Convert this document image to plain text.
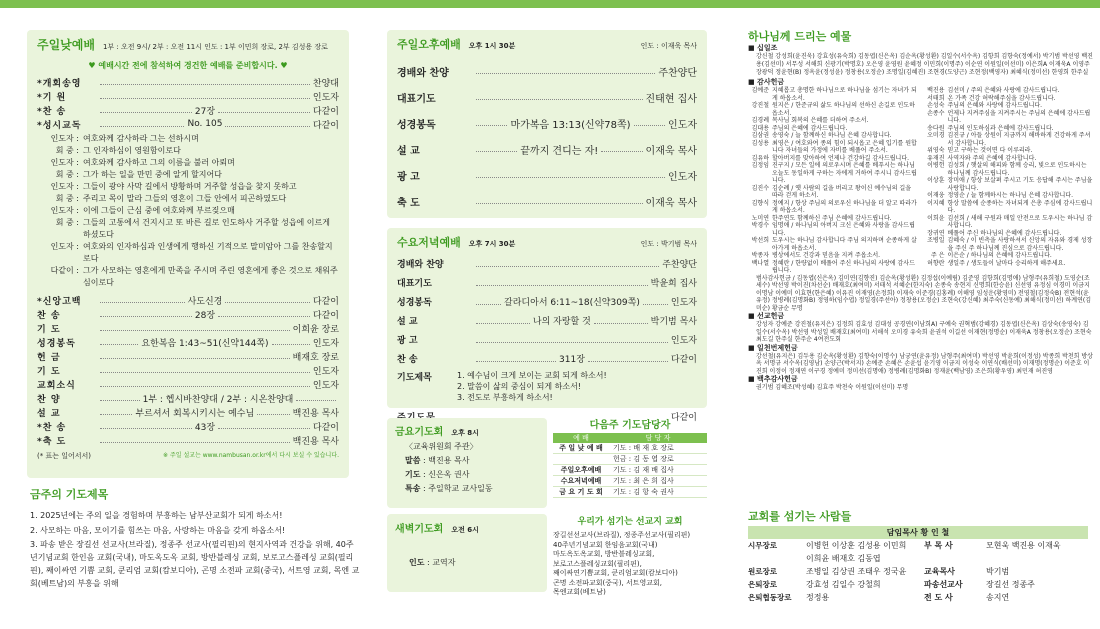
주일낮예배 1부 : 오전 9시/ 2부 : 오전 11시 인도 : 1부 이민희 장로, 2부 김성용 장로
♥ 예배시간 전에 참석하여 경건한 예배를 준비합시다. ♥
*개회송영	찬양대
*기 원	인도자
*찬 송	27장	다같이
*성시교독	No. 105	다같이
인도자 : 여호와께 감사하라 그는 선하시며
회 중 : 그 인자하심이 영원함이로다
인도자 : 여호와께 감사하고 그의 이름을 불러 아뢰며
회 중 : 그가 하는 일을 만민 중에 알게 할지어다
인도자 : 그들이 광야 사막 길에서 방황하며 거주할 성읍을 찾지 못하고
회 중 : 주리고 목이 말라 그들의 영혼이 그들 안에서 피곤하였도다
인도자 : 이에 그들이 근심 중에 여호와께 부르짖으매
회 중 : 그들의 고통에서 건지시고 또 바른 길로 인도하사 거주할 성읍에 이르게 하셨도다
인도자 : 여호와의 인자하심과 인생에게 행하신 기적으로 말미암아 그를 찬송할지로다
다같이 : 그가 사모하는 영혼에게 만족을 주시며 주린 영혼에게 좋은 것으로 채워주심이로다
*신앙고백	사도신경	다같이
찬 송	28장	다같이
기 도	이희윤 장로
성경봉독	요한복음 1:43~51(신약144쪽)	인도자
헌 금	배재호 장로
기 도	인도자
교회소식	인도자
찬 양	1부 : 헵시바찬양대 / 2부 : 시온찬양대
설 교	부르셔서 회복시키시는 예수님	백진용 목사
*찬 송	43장	다같이
*축 도	백진용 목사
(* 표는 일어서서)	※ 주일 설교는 www.nambusan.or.kr에서 다시 보실 수 있습니다.
금주의 기도제목
1. 2025년에는 주의 일을 경험하며 부흥하는 남부산교회가 되게 하소서!
2. 사모하는 마음, 모이기를 힘쓰는 마음, 사랑하는 마음을 갖게 하옵소서!
3. 파송 받은 장길선 선교사(브라질), 정종주 선교사(필리핀)의 현지사역과 건강을 위해, 40주년기념교회 한인음 교회(국내), 마도옥도옥 교회, 방반블레싱 교회, 보로고스플레싱 교회(필리핀), 째이싸연 기쁨 교회, 쿤리엄 교회(캄보디아), 곤명 소전파 교회(중국), 서트영 교회, 목엔 교회(베트남)의 부흥을 위해
주일오후예배 오후 1시 30분	인도 : 이재욱 목사
경배와 찬양	주찬양단
대표기도	진태현 집사
성경봉독	마가복음 13:13(신약78쪽)	인도자
설 교	끝까지 견디는 자!	이재욱 목사
광 고	인도자
축 도	이재욱 목사
수요저녁예배 오후 7시 30분	인도 : 박기범 목사
경배와 찬양	주찬양단
대표기도	박윤희 집사
성경봉독	갈라디아서 6:11~18(신약309쪽)	인도자
설 교	나의 자랑할 것	박기범 목사
광 고	인도자
찬 송	311장	다같이
기도제목	1. 예수님이 크게 보이는 교회 되게 하소서!
2. 말씀이 삶의 중심이 되게 하소서!
3. 전도로 부흥하게 하소서!
다같이
금요기도회 오후 8시
〈교육위원회 주관〉
말씀 : 백진용 목사
기도 : 신은옥 권사
특송 : 주일학교 교사일동
새벽기도회 오전 6시
인도 : 교역자
다음주 기도담당자
예 배	담 당 자
주 일 낮 예 배	기도 : 배 재 호 장로
헌금 : 김 동 엽 장로
주일오후예배	기도 : 김 재 배 집사
수요저녁예배	기도 : 최 은 희 집사
금 요 기 도 회	기도 : 김 항 숙 권사
우리가 섬기는 선교지 교회
장길선선교사(브라질), 정종주선교사(필리핀)
40주년기념교회 한임음교회(국내)
마도옥도옥교회, 방반블레싱교회,
보로고스플레싱교회(필리핀),
째이싸연기쁨교회, 쿤리엄교회(캄보디아)
곤명 소전파교회(중국), 서트영교회,
목엔교회(베트남)
하나님께 드리는 예물
■ 십일조
강신철 강성희(윤진욱) 강효성(유숙희) 김동엽(신은옥) 김순옥(황성환) 김일수(서수옥) 김항희 김항숙(정예서) 박기범 박선영 백진용(김선미) 서무성 서해희 신광기(박명호) 오은영 윤영원 윤혜정 이민희(이명주) 이순연 이원일(이선미) 이은희A 이재욱A 이영주 장광덕 정윤현(B) 정옥윤(정성윤) 정창용(오정순) 조명일(김혜진) 조현경(도양근) 조현정(백영자) 최혜식(정미선) 한영희 한주실
■ 감사헌금
김예준 지혜롭고 총명한 하나님으로 하나님을 섬기는 자녀가 되게 하옵소서.
강진철 원지은 / 한준규의 삶도 하나님의 선하신 손길로 인도하옵소서.
김경례 목사님 회복의 은혜를 더하여 주소서.
김대용 주님의 은혜에 감사드립니다.
김삼권 송영숙 / 늘 함께하신 하나님 은혜 감사합니다.
김성용 최영은 / 여호와여 종의 힘이 되시옵고 은혜 입기를 원합니다 자녀들의 가정에 자비를 베풀어 주소서.
김유하 할아버지를 맞아하여 언제나 건강하길 감사드립니다.
김정임 진구지 / 모든 일에 의로우시며 은혜를 베푸시는 하나님 오늘도 동일하게 구하는 자에게 거하여 주시니 감사드립니다.
김진수 김순례 / 옛 사람의 길을 버리고 왕이신 예수님의 길을 따라 걷게 하소서.
김향식 정예지 / 항상 주님의 의로우신 하나님을 더 알고 따라가게 하옵소서.
노미연 한주연도 함께하신 주님 은혜에 감사드립니다.
박경수 임명애 / 하나님의 아버지 크신 은혜와 사랑을 감사드립니다.
박선희 도우시는 하나님 감사합니다 주님 의지하며 순종하게 살아가게 하옵소서.
박종자 병상에서도 건강과 믿음을 지켜 주옵소서.
백나열 정혜란 / 한량없이 베풀어 주신 하나님의 사랑에 감사드립니다.
백진용 김선미 / 주의 은혜와 사랑에 감사드립니다.
서태희 온 가족 건강 허락해주심을 감사드립니다.
손성숙 주님의 은혜와 사랑에 감사드립니다.
손종수 언제나 지켜주심을 지켜주시는 주님의 은혜에 감사드립니다.
송다원 주님의 인도하심과 은혜에 감사드립니다.
오미경 김진규 / 아들 상원이 지금까지 해바하게 건강하게 주셔서 감사합니다.
위영숙 믿고 구하는 것이면 다 이루리라.
유재진 사역자와 주의 은혜에 감사합니다.
이병헌 김성희 / 햇살의 해피와 함께 승리, 빛으로 인도하시는 하나님께 감사드립니다.
이상훈 장미애 / 항상 보살펴 주시고 기도 응답해 주시는 주님을 사랑합니다.
이재웅 정영순 / 늘 함께하시는 하나님 은혜 감사합니다.
이지혜 항상 말씀에 순종하는 자녀되게 은총 주심에 감사드립니다.
이희윤 김선희 / 새해 구원과 매일 안전으로 도우시는 하나님 감사합니다.
장귀연 베풀어 주신 하나님의 은혜에 감사드립니다.
조병일 김혜숙 / 이 빈측을 사랑하셔서 신앙의 자유와 경제 성장을 주신 주 하나님께 진심으로 감사드립니다.
주 은 이은순 / 하나님의 은혜에 감사드립니다.
허향란 생일주 / 생도들이 날마다 승리하게 해주세요.
범사감사헌금 / 김동엽(신은옥) 김미연(김향진) 김순옥(황성환) 김정섭(이예림) 김준영 김항희(김명애) 남형주(유희철) 도영순(조세수) 박선영 박이진(차선순) 배재호(최여미) 서태석 서혜순(한지숙) 손종숙 송현지 신명희(한승윤) 신선영 유정심 이경미 이금지 이명남 이예미 이효현(한은혜) 이유진 이재영(손정희) 이재숙 이준경(김홍례) 이해영 임성운(황영미) 전영철(김정숙B) 전현석(윤유정) 정병례(김명화B) 정영하(임수엽) 정일경(주선아) 정창용(오정순) 조현숙(강신혜) 최주숙(신동예) 최해식(정미선) 하계연(김미순) 황금순 무명
■ 선교헌금
강성자 강예준 강진철(유지은) 김정희 김효성 김대성 공경연(이남희A) 구예숙 권혁범(강혜경) 김동엽(신은옥) 김상숙(송영숙) 김일수(서수옥) 박선영 박성일 배재호(최여미) 서해석 오미경 유숙희 윤권석 이길선 이재현(정명순) 이재욱A 정창용(오정순) 조현숙 최도길 한주실 한주순 4여전도회
■ 일천번제헌금
강선철(유지은) 김두용 김순옥(황성환) 김향숙(이명수) 남궁연(윤유정) 남형주(최여미) 박선영 박윤희(이정성) 박종희 박천희 방상옥 서명규 서수옥(김영남) 손양근(박서지) 손예준 손혜은 손윤섭 윤기영 이금지 이성숙 이연식(배선미) 이재명(정명순) 이준호 이진희 이정이 정재연 이구경 정예미 정미선(김명애) 정병례(김명화B) 정재윤(백남영) 조은희(황우영) 최민재 허진영
■ 백추감사헌금
권기범 김혜조(박성혜) 김효주 박천숙 이원일(이선미) 무명
교회를 섬기는 사람들
담임목사 황 인 철
시무장로	이병헌 이상훈 김성용 이민희	부 목 사	모현욱 백진용 이재욱
이희윤 배재호 김동엽
원로장로	조병일 김상권 조태우 정국윤	교육목사	박기범
은퇴장로	강효성 김일수 강철희	파송선교사	장길선 정종주
은퇴협동장로	정정용	전 도 사	송지연
